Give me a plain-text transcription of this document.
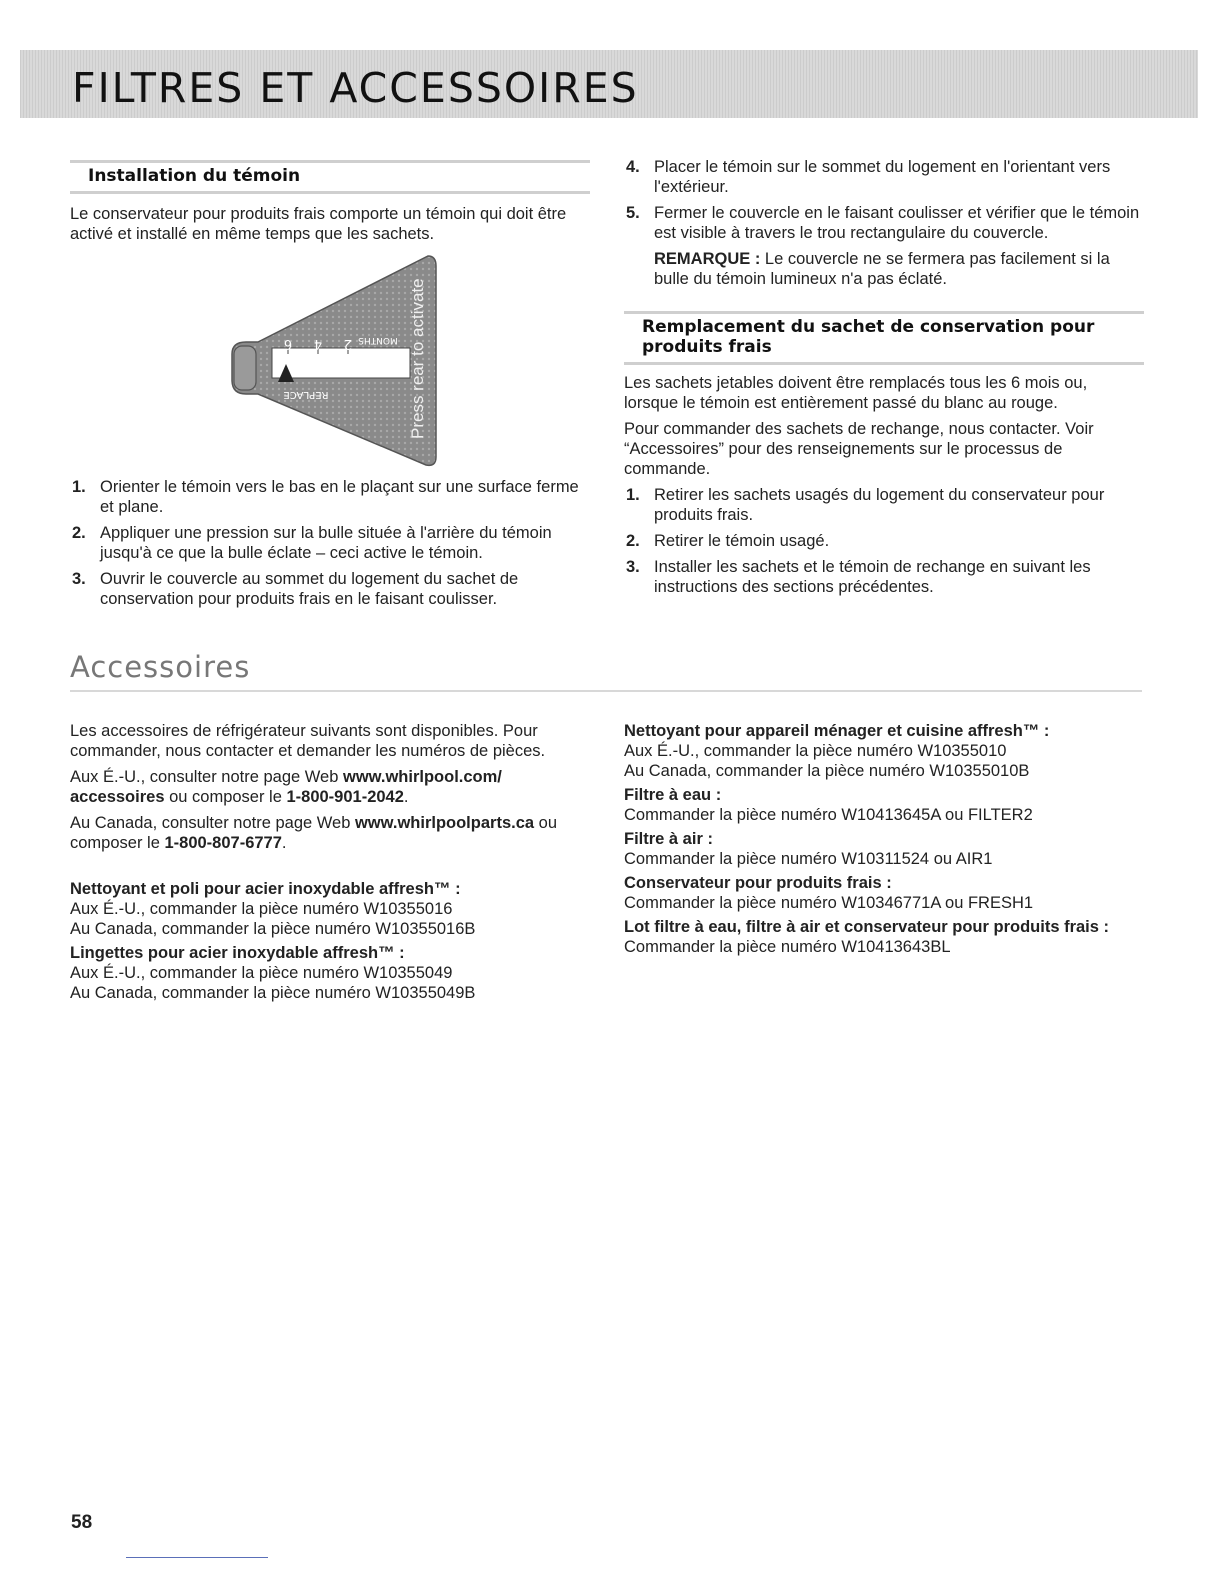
FILTRES ET ACCESSOIRES
Installation du témoin

Le conservateur pour produits frais comporte un témoin qui doit être activé et installé en même temps que les sachets.

6 4 2 MONTHS
REPLACE	Press rear to activate
1. Orienter le témoin vers le bas en le plaçant sur une surface ferme et plane.
2. Appliquer une pression sur la bulle située à l'arrière du témoin jusqu'à ce que la bulle éclate – ceci active le témoin.
3. Ouvrir le couvercle au sommet du logement du sachet de conservation pour produits frais en le faisant coulisser.
4. Placer le témoin sur le sommet du logement en l'orientant vers l'extérieur.
5. Fermer le couvercle en le faisant coulisser et vérifier que le témoin est visible à travers le trou rectangulaire du couvercle.
REMARQUE : Le couvercle ne se fermera pas facilement si la bulle du témoin lumineux n'a pas éclaté.
Remplacement du sachet de conservation pour produits frais

Les sachets jetables doivent être remplacés tous les 6 mois ou, lorsque le témoin est entièrement passé du blanc au rouge.

Pour commander des sachets de rechange, nous contacter. Voir “Accessoires” pour des renseignements sur le processus de commande.

1. Retirer les sachets usagés du logement du conservateur pour produits frais.
2. Retirer le témoin usagé.
3. Installer les sachets et le témoin de rechange en suivant les instructions des sections précédentes.
Accessoires

Les accessoires de réfrigérateur suivants sont disponibles. Pour commander, nous contacter et demander les numéros de pièces.

Aux É.-U., consulter notre page Web www.whirlpool.com/ accessoires ou composer le 1-800-901-2042.

Au Canada, consulter notre page Web www.whirlpoolparts.ca ou composer le 1-800-807-6777.

Nettoyant et poli pour acier inoxydable affresh™ :
Aux É.-U., commander la pièce numéro W10355016
Au Canada, commander la pièce numéro W10355016B
Lingettes pour acier inoxydable affresh™ :
Aux É.-U., commander la pièce numéro W10355049
Au Canada, commander la pièce numéro W10355049B
Nettoyant pour appareil ménager et cuisine affresh™ :
Aux É.-U., commander la pièce numéro W10355010
Au Canada, commander la pièce numéro W10355010B
Filtre à eau :
Commander la pièce numéro W10413645A ou FILTER2
Filtre à air :
Commander la pièce numéro W10311524 ou AIR1
Conservateur pour produits frais :
Commander la pièce numéro W10346771A ou FRESH1
Lot filtre à eau, filtre à air et conservateur pour produits frais :
Commander la pièce numéro W10413643BL
58
